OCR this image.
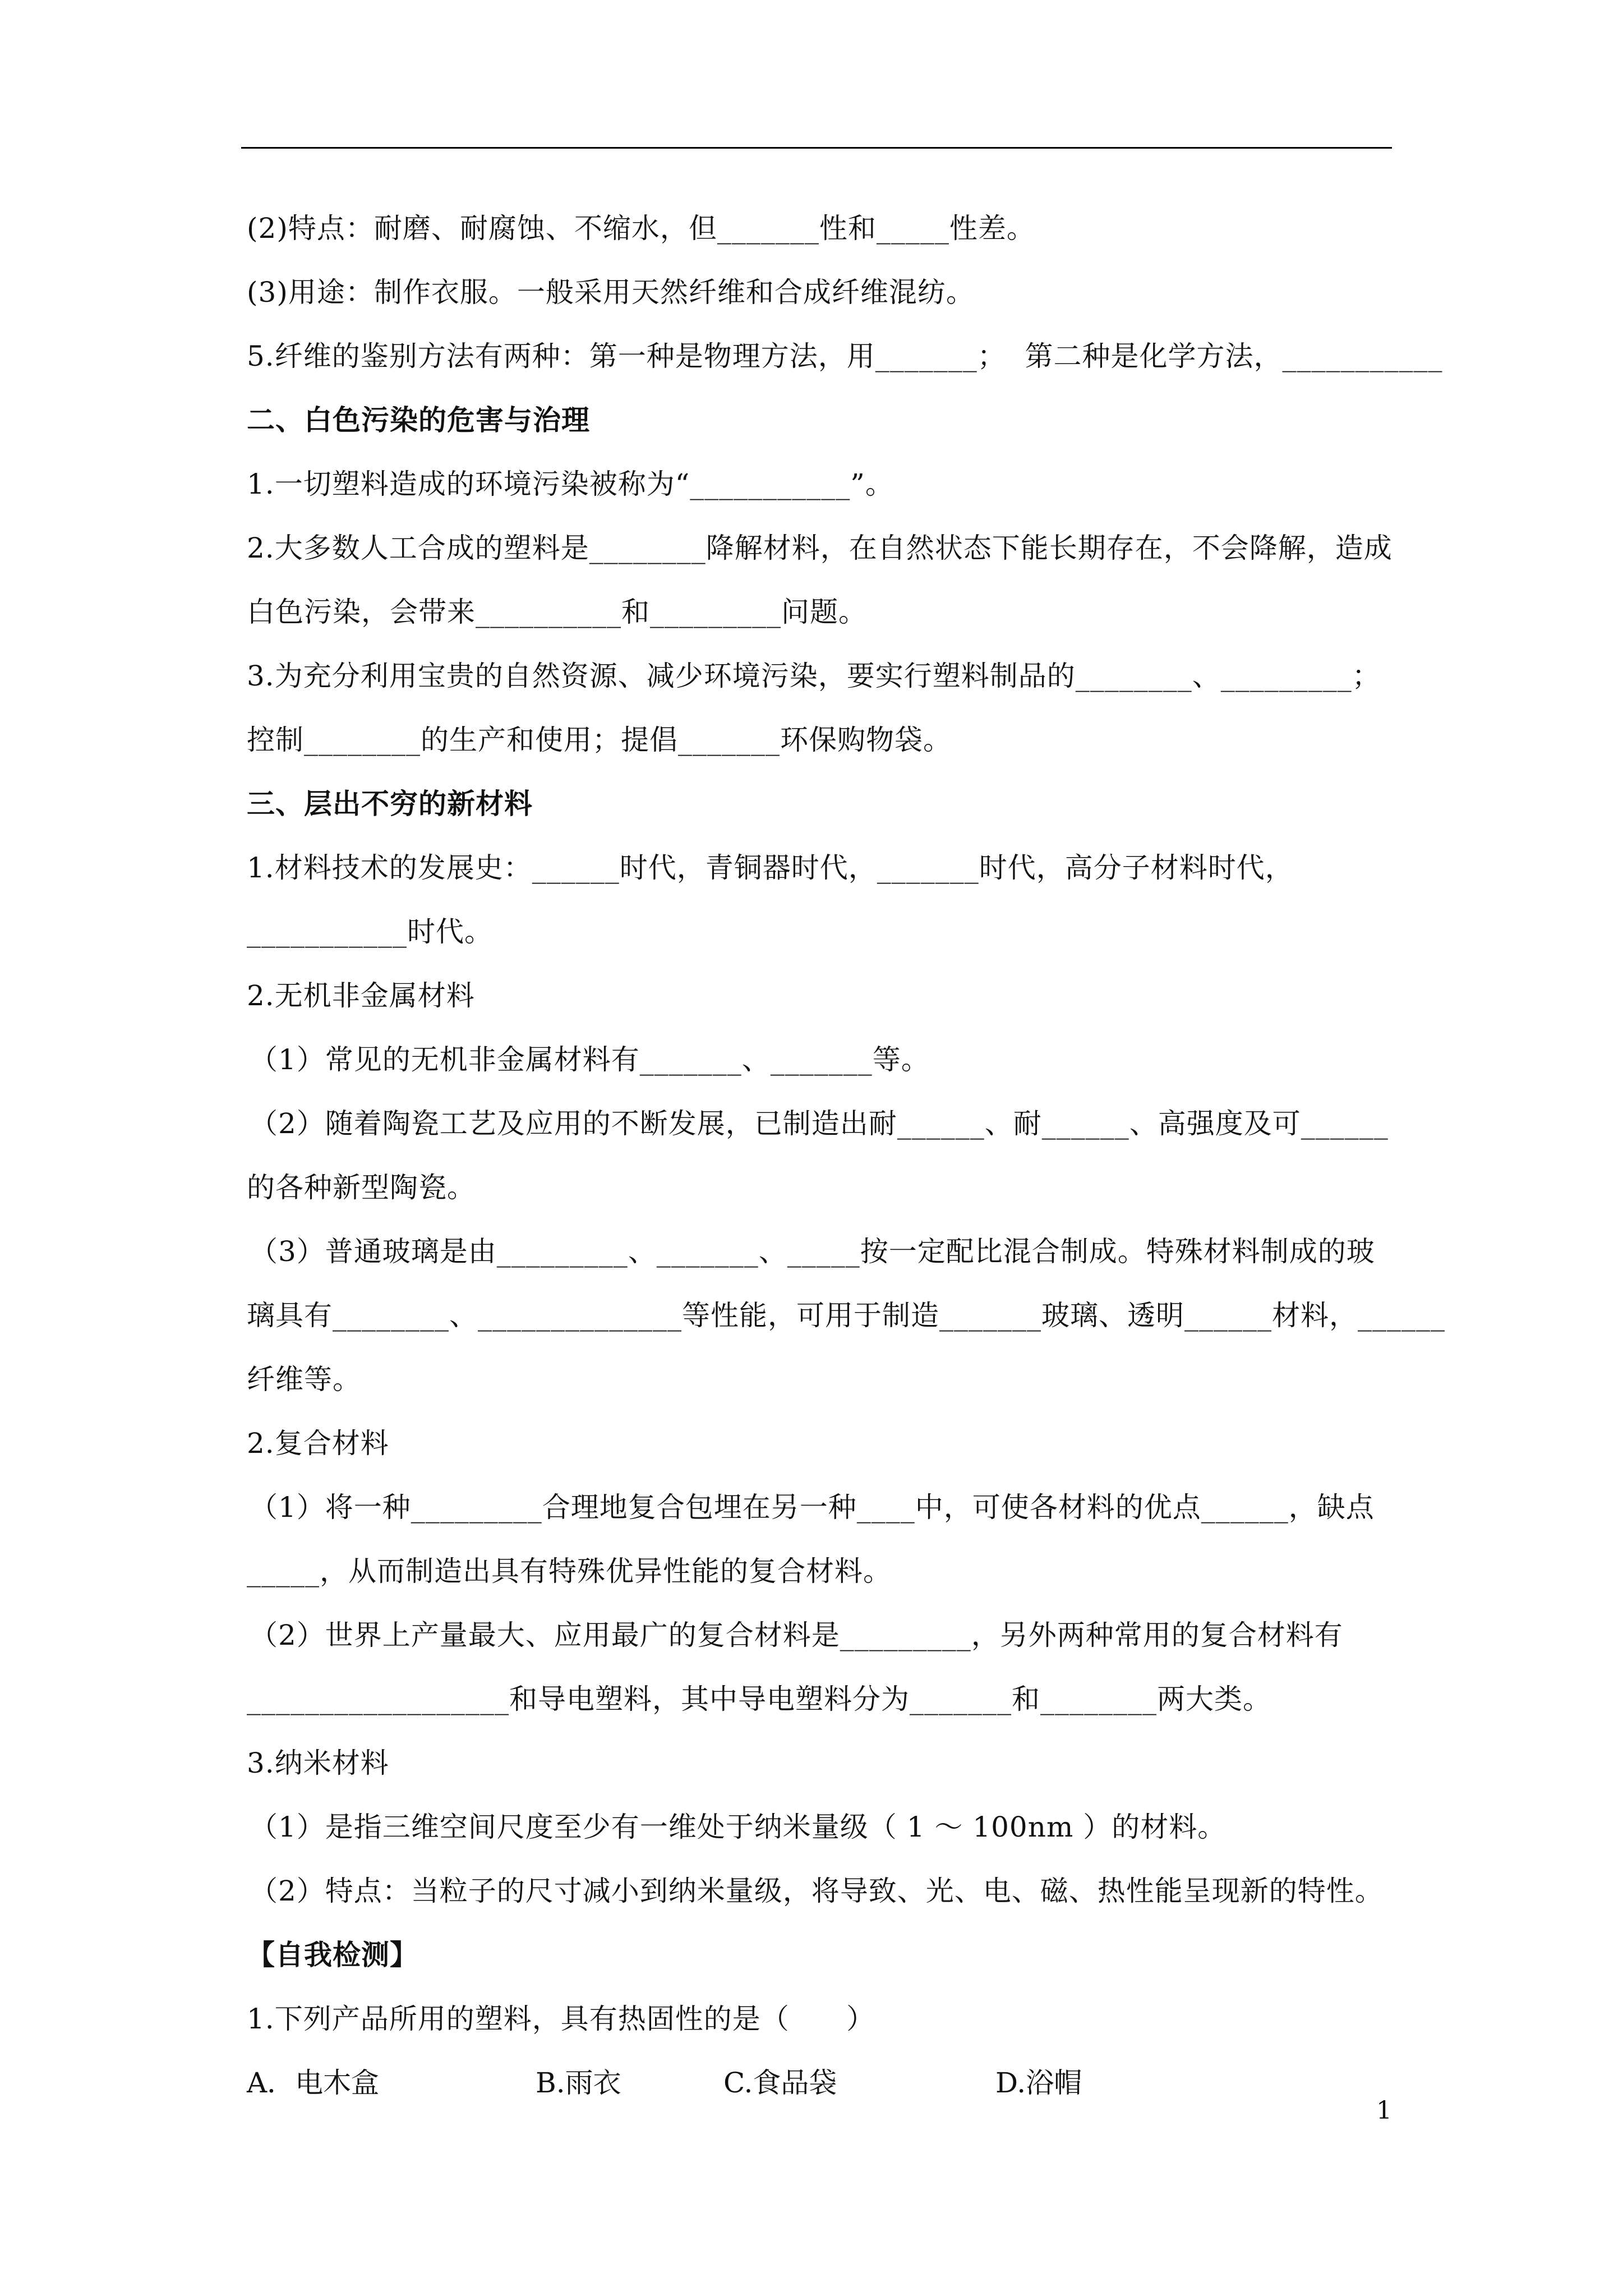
(2)特点：耐磨、耐腐蚀、不缩水，但_______性和_____性差。
(3)用途：制作衣服。一般采用天然纤维和合成纤维混纺。
5.纤维的鉴别方法有两种：第一种是物理方法，用_______；  第二种是化学方法，___________
二、白色污染的危害与治理
1.一切塑料造成的环境污染被称为“___________”。
2.大多数人工合成的塑料是________降解材料，在自然状态下能长期存在，不会降解，造成
白色污染，会带来__________和_________问题。
3.为充分利用宝贵的自然资源、减少环境污染，要实行塑料制品的________、_________；
控制________的生产和使用；提倡_______环保购物袋。
三、层出不穷的新材料
1.材料技术的发展史：______时代，青铜器时代，_______时代，高分子材料时代，
___________时代。
2.无机非金属材料
（1）常见的无机非金属材料有_______、_______等。
（2）随着陶瓷工艺及应用的不断发展，已制造出耐______、耐______、高强度及可______
的各种新型陶瓷。
（3）普通玻璃是由_________、_______、_____按一定配比混合制成。特殊材料制成的玻
璃具有________、______________等性能，可用于制造_______玻璃、透明______材料，______
纤维等。
2.复合材料
（1）将一种_________合理地复合包埋在另一种____中，可使各材料的优点______，缺点
_____，从而制造出具有特殊优异性能的复合材料。
（2）世界上产量最大、应用最广的复合材料是_________，另外两种常用的复合材料有
__________________和导电塑料，其中导电塑料分为_______和________两大类。
3.纳米材料
（1）是指三维空间尺度至少有一维处于纳米量级（ 1 ～ 100nm ）的材料。
（2）特点：当粒子的尺寸减小到纳米量级，将导致、光、电、磁、热性能呈现新的特性。
【自我检测】
1.下列产品所用的塑料，具有热固性的是（      ）
A．电木盒	B.雨衣	C.食品袋	D.浴帽
1
